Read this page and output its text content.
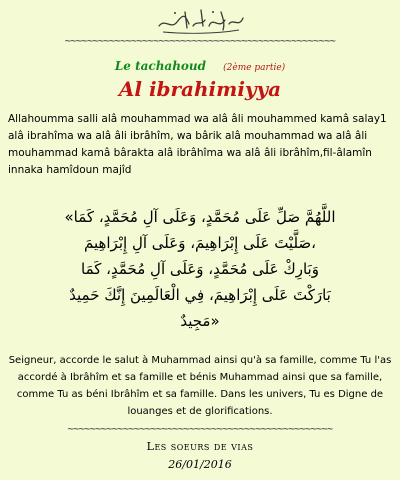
~~~~~~~~~~~~~~~~~~~~~~~~~~~~~~~~~~~~~~~~~~~~~~~~~
Le tachahoud (2ème partie)
Al ibrahimiyya
Allahoumma salli alâ mouhammad wa alâ âli mouhammed kamâ salay1 alâ ibrahîma wa alâ âli ibrâhîm, wa bârik alâ mouhammad wa alâ âli mouhammad kamâ bârakta alâ ibrâhîma wa alâ âli ibrâhîm,fil-âlamîn innaka hamîdoun majîd
اللَّهُمَّ صَلِّ عَلَى مُحَمَّدٍ، وَعَلَى آلِ مُحَمَّدٍ، كَمَا»
،صَلَّيْتَ عَلَى إِبْرَاهِيمَ، وَعَلَى آلِ إِبْرَاهِيمَ
وَبَارِكْ عَلَى مُحَمَّدٍ، وَعَلَى آلِ مُحَمَّدٍ، كَمَا
بَارَكْتَ عَلَى إِبْرَاهِيمَ، فِي الْعَالَمِينَ إِنَّكَ حَمِيدٌ
«مَجِيدٌ
Seigneur, accorde le salut à Muhammad ainsi qu'à sa famille, comme Tu l'as accordé à Ibrâhîm et sa famille et bénis Muhammad ainsi que sa famille, comme Tu as béni Ibrâhîm et sa famille. Dans les univers, Tu es Digne de louanges et de glorifications.
~~~~~~~~~~~~~~~~~~~~~~~~~~~~~~~~~~~~~~~~~~~~~~~~
Les soeurs de vias
26/01/2016
